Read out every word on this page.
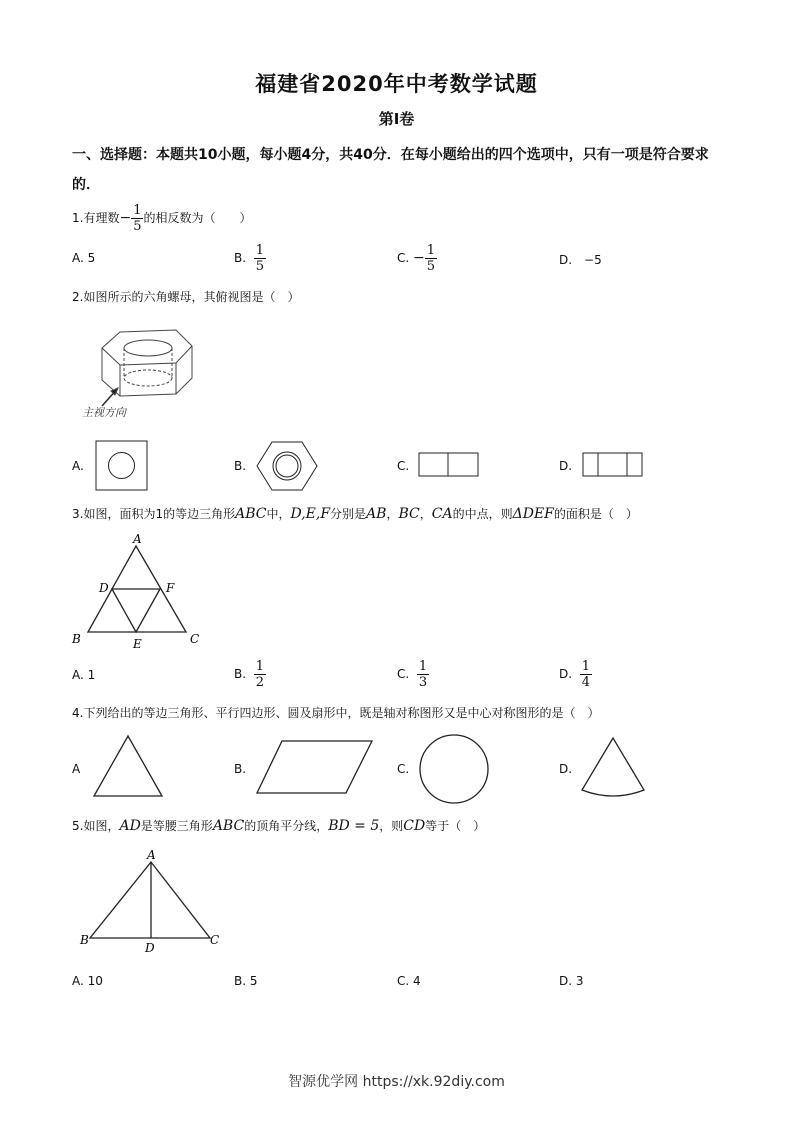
福建省2020年中考数学试题
第Ⅰ卷
一、选择题：本题共10小题，每小题4分，共40分．在每小题给出的四个选项中，只有一项是符合要求的．
1.有理数− $\frac{1}{5}$ 的相反数为（　　）
A. 5	B. $\frac{1}{5}$	C. − $\frac{1}{5}$	D.　−5
2.如图所示的六角螺母，其俯视图是（　）
主视方向
A.	B.	C.	D.
3.如图，面积为1的等边三角形ABC中，D,E,F分别是AB，BC，CA的中点，则ΔDEF的面积是（　）
A
B	C
D
E
F
A. 1	B. $\frac{1}{2}$	C. $\frac{1}{3}$	D. $\frac{1}{4}$
4.下列给出的等边三角形、平行四边形、圆及扇形中，既是轴对称图形又是中心对称图形的是（　）
A	B.	C.	D.
5.如图，AD是等腰三角形ABC的顶角平分线，BD = 5，则CD等于（　）
A
B	C
D
A. 10	B. 5	C. 4	D. 3
智源优学网 https://xk.92diy.com
